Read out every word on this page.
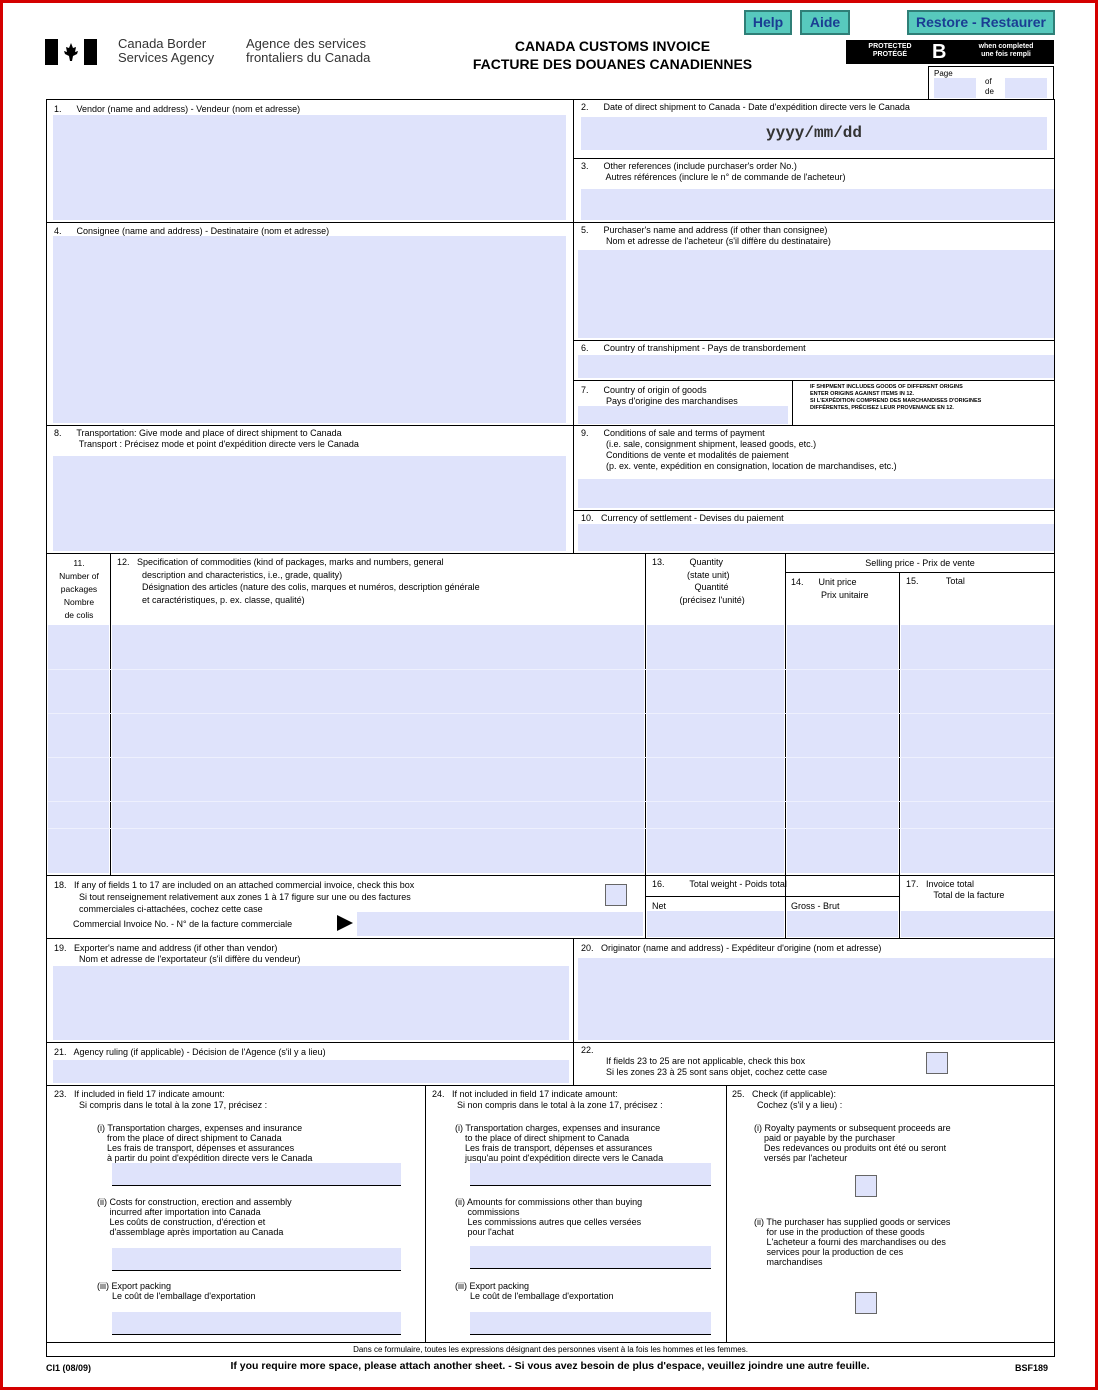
Canada Border
Services Agency
Agence des services
frontaliers du Canada
CANADA CUSTOMS INVOICE
FACTURE DES DOUANES CANADIENNES
Help	Aide	Restore - Restaurer
PROTECTED
PROTÉGÉ	B	when completed
une fois rempli
Page
of
de
1.      Vendor (name and address) - Vendeur (nom et adresse)	2.      Date of direct shipment to Canada - Date d'expédition directe vers le Canada
yyyy/mm/dd
3.      Other references (include purchaser's order No.)
Autres références (inclure le n° de commande de l'acheteur)
4.      Consignee (name and address) - Destinataire (nom et adresse)	5.      Purchaser's name and address (if other than consignee)
Nom et adresse de l'acheteur (s'il diffère du destinataire)
6.      Country of transhipment - Pays de transbordement
7.      Country of origin of goods
Pays d'origine des marchandises
IF SHIPMENT INCLUDES GOODS OF DIFFERENT ORIGINS
ENTER ORIGINS AGAINST ITEMS IN 12.
SI L'EXPÉDITION COMPREND DES MARCHANDISES D'ORIGINES
DIFFÉRENTES, PRÉCISEZ LEUR PROVENANCE EN 12.
8.      Transportation: Give mode and place of direct shipment to Canada
Transport : Précisez mode et point d'expédition directe vers le Canada
9.      Conditions of sale and terms of payment
(i.e. sale, consignment shipment, leased goods, etc.)
Conditions de vente et modalités de paiement
(p. ex. vente, expédition en consignation, location de marchandises, etc.)
10.   Currency of settlement - Devises du paiement
11.
Number of
packages
Nombre
de colis
12.   Specification of commodities (kind of packages, marks and numbers, general
description and characteristics, i.e., grade, quality)
Désignation des articles (nature des colis, marques et numéros, description générale
et caractéristiques, p. ex. classe, qualité)
13.          Quantity
(state unit)
Quantité
(précisez l'unité)
Selling price - Prix de vente
14.      Unit price
Prix unitaire
15.           Total
18.   If any of fields 1 to 17 are included on an attached commercial invoice, check this box
Si tout renseignement relativement aux zones 1 à 17 figure sur une ou des factures
commerciales ci-attachées, cochez cette case
Commercial Invoice No. - N° de la facture commerciale
16.          Total weight - Poids total
Net	Gross - Brut
17.   Invoice total
Total de la facture
19.   Exporter's name and address (if other than vendor)
Nom et adresse de l'exportateur (s'il diffère du vendeur)
20.   Originator (name and address) - Expéditeur d'origine (nom et adresse)
21.   Agency ruling (if applicable) - Décision de l'Agence (s'il y a lieu)	22.
If fields 23 to 25 are not applicable, check this box
Si les zones 23 à 25 sont sans objet, cochez cette case
23.   If included in field 17 indicate amount:
Si compris dans le total à la zone 17, précisez :
(i) Transportation charges, expenses and insurance
from the place of direct shipment to Canada
Les frais de transport, dépenses et assurances
à partir du point d'expédition directe vers le Canada
(ii) Costs for construction, erection and assembly
incurred after importation into Canada
Les coûts de construction, d'érection et
d'assemblage après importation au Canada
(iii) Export packing
Le coût de l'emballage d'exportation
24.   If not included in field 17 indicate amount:
Si non compris dans le total à la zone 17, précisez :
(i) Transportation charges, expenses and insurance
to the place of direct shipment to Canada
Les frais de transport, dépenses et assurances
jusqu'au point d'expédition directe vers le Canada
(ii) Amounts for commissions other than buying
commissions
Les commissions autres que celles versées
pour l'achat
(iii) Export packing
Le coût de l'emballage d'exportation
25.   Check (if applicable):
Cochez (s'il y a lieu) :
(i) Royalty payments or subsequent proceeds are
paid or payable by the purchaser
Des redevances ou produits ont été ou seront
versés par l'acheteur
(ii) The purchaser has supplied goods or services
for use in the production of these goods
L'acheteur a fourni des marchandises ou des
services pour la production de ces
marchandises
Dans ce formulaire, toutes les expressions désignant des personnes visent à la fois les hommes et les femmes.
CI1 (08/09)	If you require more space, please attach another sheet. - Si vous avez besoin de plus d'espace, veuillez joindre une autre feuille.	BSF189
